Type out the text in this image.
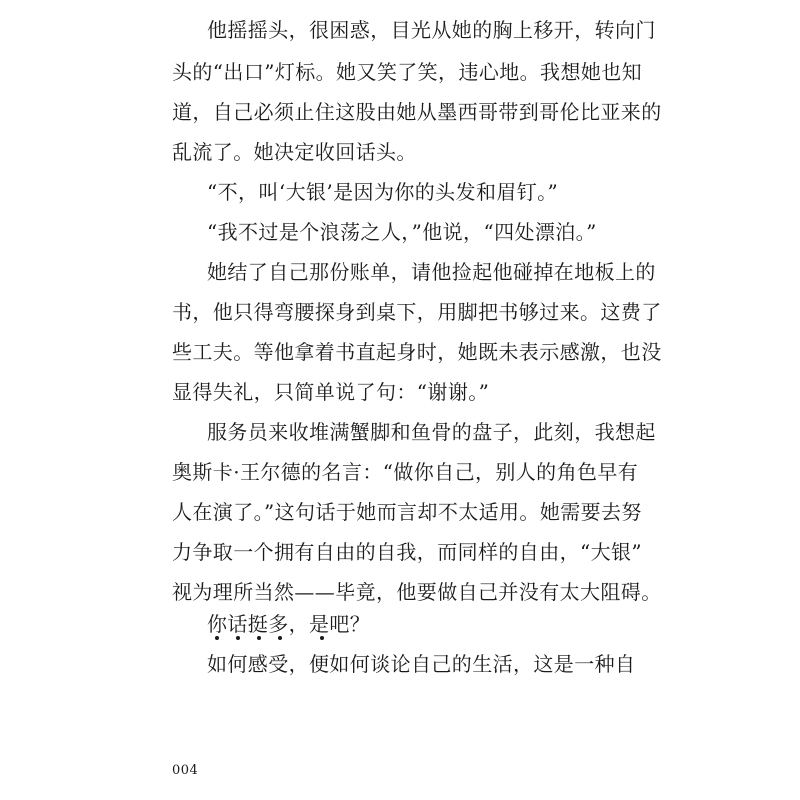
他摇摇头，很困惑，目光从她的胸上移开，转向门
头的“出口”灯标。她又笑了笑，违心地。我想她也知
道，自己必须止住这股由她从墨西哥带到哥伦比亚来的
乱流了。她决定收回话头。
“不，叫‘大银’是因为你的头发和眉钉。”
“我不过是个浪荡之人，”他说，“四处漂泊。”
她结了自己那份账单，请他捡起他碰掉在地板上的
书，他只得弯腰探身到桌下，用脚把书够过来。这费了
些工夫。等他拿着书直起身时，她既未表示感激，也没
显得失礼，只简单说了句：“谢谢。”
服务员来收堆满蟹脚和鱼骨的盘子，此刻，我想起
奥斯卡·王尔德的名言：“做你自己，别人的角色早有
人在演了。”这句话于她而言却不太适用。她需要去努
力争取一个拥有自由的自我，而同样的自由，“大银”
视为理所当然——毕竟，他要做自己并没有太大阻碍。
你话挺多，是吧？
如何感受，便如何谈论自己的生活，这是一种自
004
